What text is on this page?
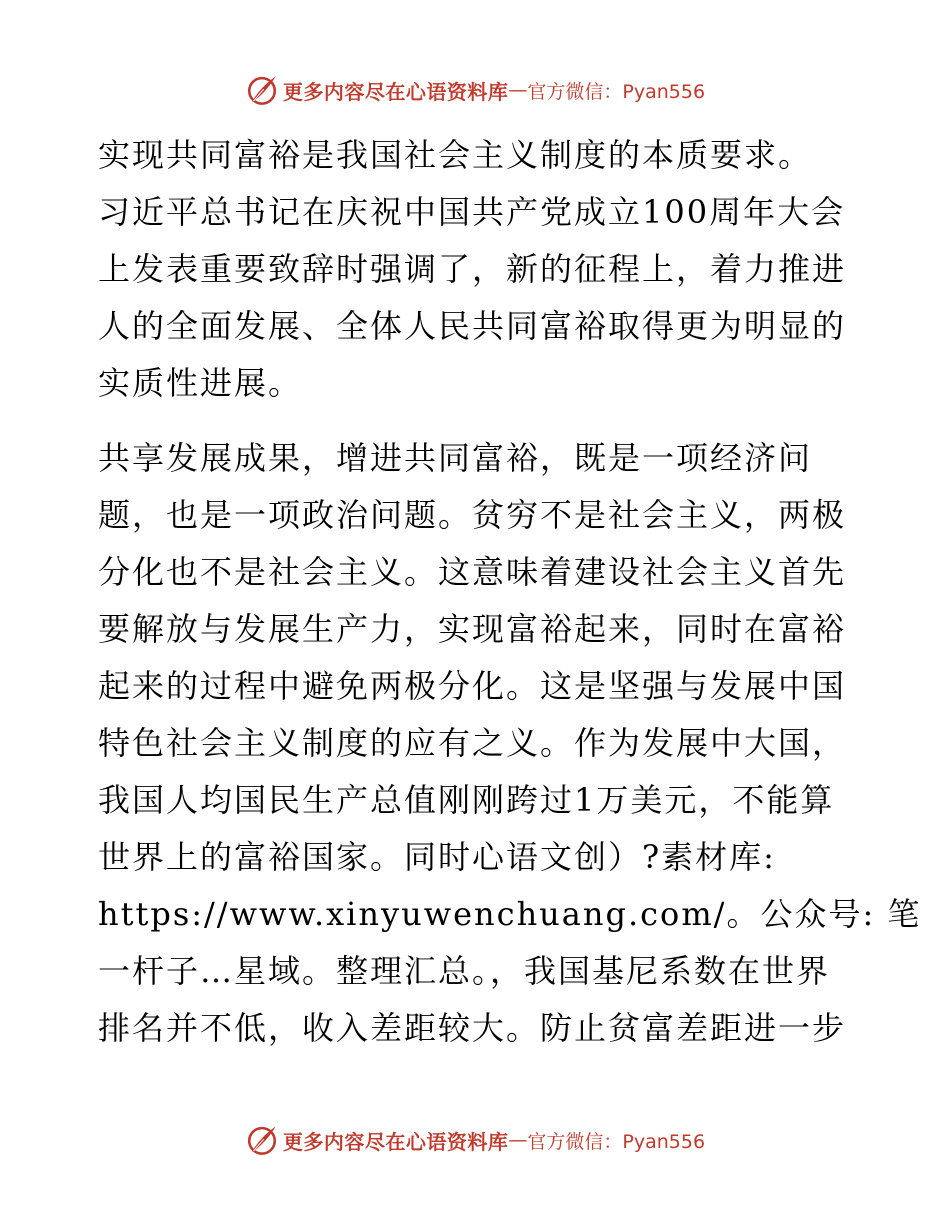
更多内容尽在心语资料库 — 官方微信：Pyan556
实现共同富裕是我国社会主义制度的本质要求。
习近平总书记在庆祝中国共产党成立100周年大会
上发表重要致辞时强调了，新的征程上，着力推进
人的全面发展、全体人民共同富裕取得更为明显的
实质性进展。
共享发展成果，增进共同富裕，既是一项经济问
题，也是一项政治问题。贫穷不是社会主义，两极
分化也不是社会主义。这意味着建设社会主义首先
要解放与发展生产力，实现富裕起来，同时在富裕
起来的过程中避免两极分化。这是坚强与发展中国
特色社会主义制度的应有之义。作为发展中大国，
我国人均国民生产总值刚刚跨过1万美元，不能算
世界上的富裕国家。同时心语文创）?素材库:
https://www.xinyuwenchuang.com/。公众号: 笔
一杆子…星域。整理汇总。，我国基尼系数在世界
排名并不低，收入差距较大。防止贫富差距进一步
更多内容尽在心语资料库 — 官方微信：Pyan556
